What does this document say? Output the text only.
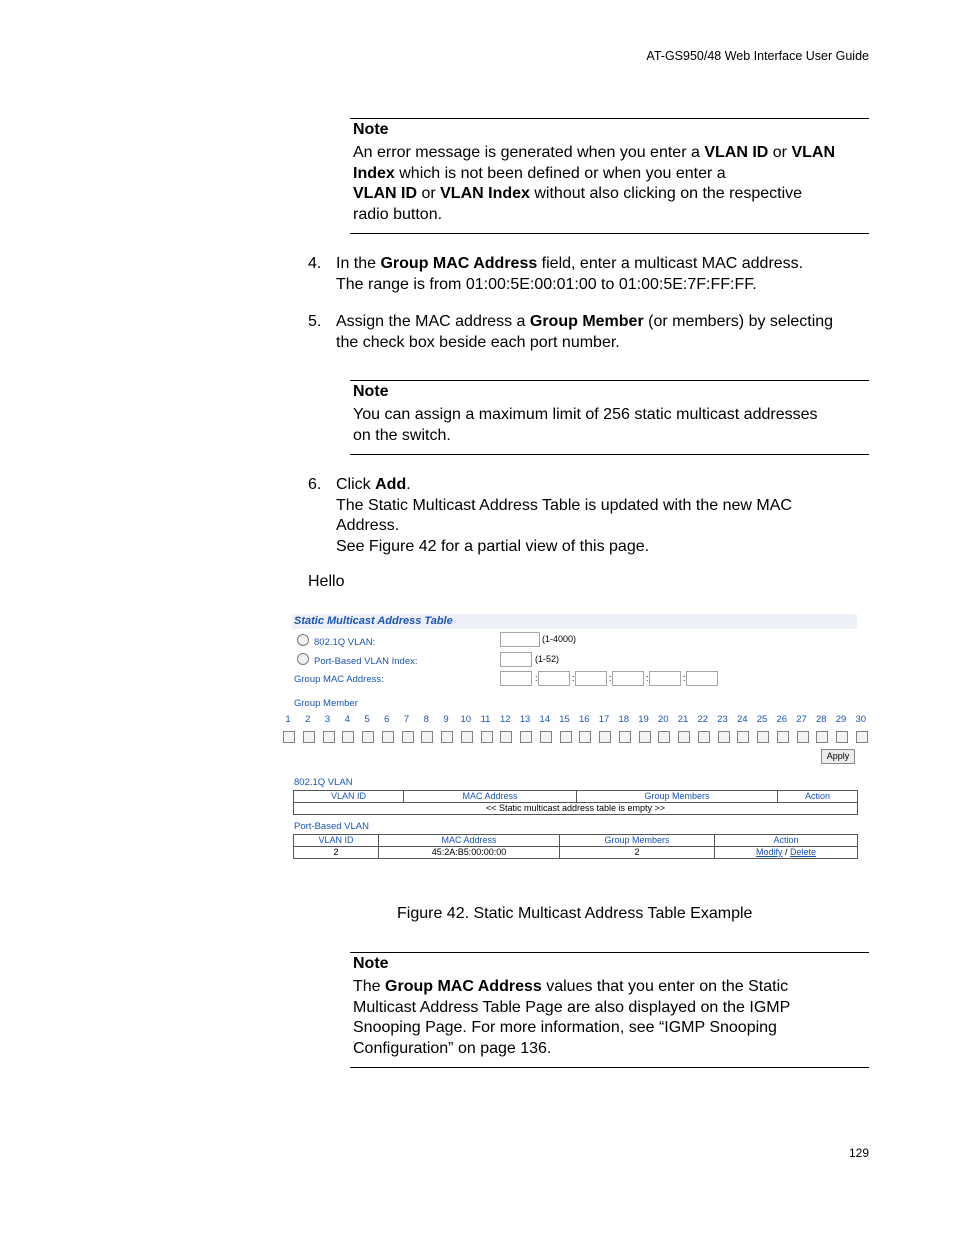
AT-GS950/48 Web Interface User Guide
Note
An error message is generated when you enter a VLAN ID or VLAN
Index which is not been defined or when you enter a
VLAN ID or VLAN Index without also clicking on the respective
radio button.
4. In the Group MAC Address field, enter a multicast MAC address.
The range is from 01:00:5E:00:01:00 to 01:00:5E:7F:FF:FF.
5. Assign the MAC address a Group Member (or members) by selecting
the check box beside each port number.
Note
You can assign a maximum limit of 256 static multicast addresses
on the switch.
6. Click Add.
The Static Multicast Address Table is updated with the new MAC
Address.
See Figure 42 for a partial view of this page.
Hello
Static Multicast Address Table
802.1Q VLAN:	(1-4000)
Port-Based VLAN Index:	(1-52)
Group MAC Address:	:	:	:	:	:
Group Member
1	2	3	4	5	6	7	8	9	10	11	12 13 14 15 16 17 18 19 20 21 22 23 24 25 26 27 28 29 30
Apply
802.1Q VLAN
VLAN ID	MAC Address	Group Members	Action
<< Static multicast address table is empty >>
Port-Based VLAN
VLAN ID	MAC Address	Group Members	Action
2	45:2A:B5:00:00:00	2	Modify / Delete
Figure 42. Static Multicast Address Table Example
Note
The Group MAC Address values that you enter on the Static
Multicast Address Table Page are also displayed on the IGMP
Snooping Page. For more information, see “IGMP Snooping
Configuration” on page 136.
129
